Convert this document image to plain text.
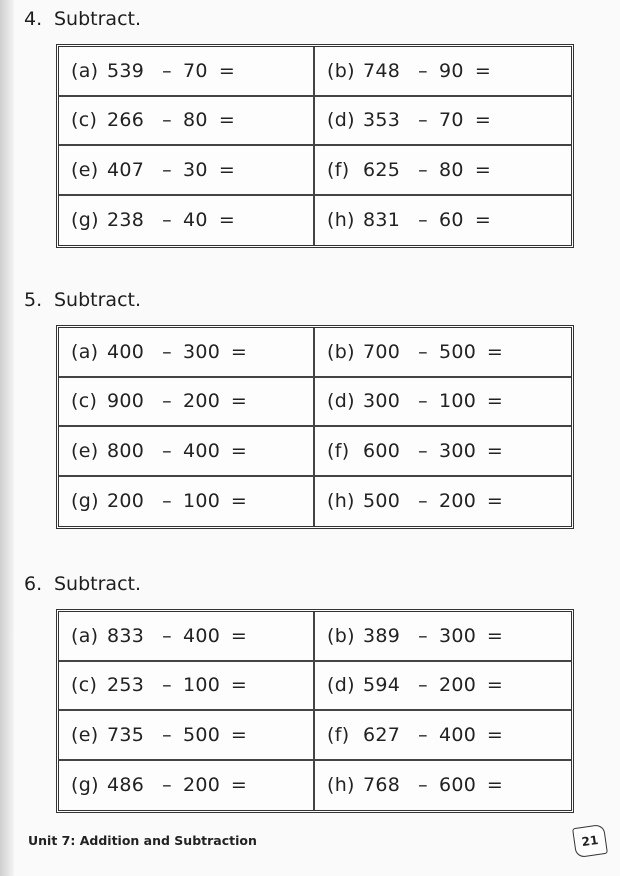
4. Subtract.
(a) 539 – 70 =	(b) 748 – 90 =
(c) 266 – 80 =	(d) 353 – 70 =
(e) 407 – 30 =	(f) 625 – 80 =
(g) 238 – 40 =	(h) 831 – 60 =
5. Subtract.
(a) 400 – 300 =	(b) 700 – 500 =
(c) 900 – 200 =	(d) 300 – 100 =
(e) 800 – 400 =	(f) 600 – 300 =
(g) 200 – 100 =	(h) 500 – 200 =
6. Subtract.
(a) 833 – 400 =	(b) 389 – 300 =
(c) 253 – 100 =	(d) 594 – 200 =
(e) 735 – 500 =	(f) 627 – 400 =
(g) 486 – 200 =	(h) 768 – 600 =
Unit 7: Addition and Subtraction	21
